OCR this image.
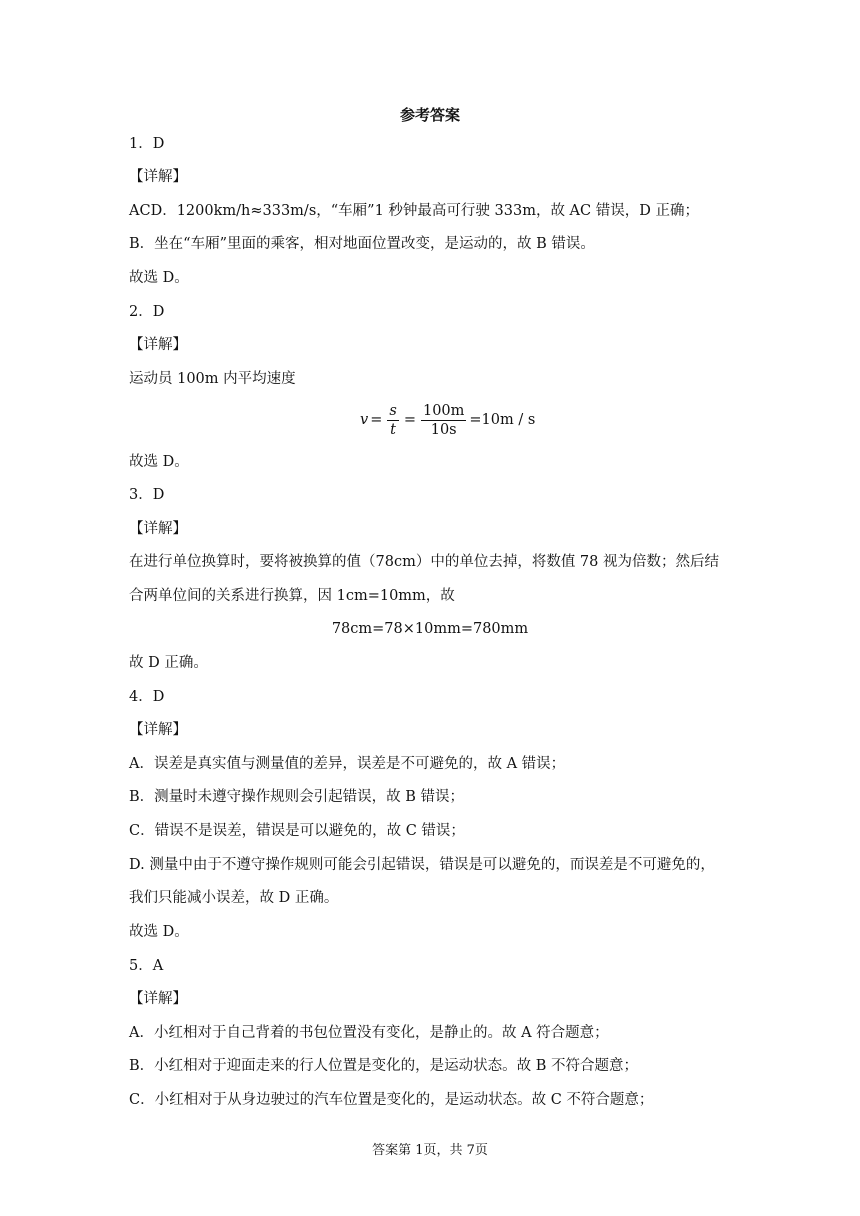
参考答案
1．D
【详解】
ACD．1200km/h≈333m/s，“车厢”1 秒钟最高可行驶 333m，故 AC 错误，D 正确；
B．坐在“车厢”里面的乘客，相对地面位置改变，是运动的，故 B 错误。
故选 D。
2．D
【详解】
运动员 100m 内平均速度
$v = \frac{s}{t} = \frac{100m}{10s} =10m / s$
故选 D。
3．D
【详解】
在进行单位换算时，要将被换算的值（78cm）中的单位去掉，将数值 78 视为倍数；然后结
合两单位间的关系进行换算，因 1cm=10mm，故
78cm=78×10mm=780mm
故 D 正确。
4．D
【详解】
A．误差是真实值与测量值的差异，误差是不可避免的，故 A 错误；
B．测量时未遵守操作规则会引起错误，故 B 错误；
C．错误不是误差，错误是可以避免的，故 C 错误；
D. 测量中由于不遵守操作规则可能会引起错误，错误是可以避免的，而误差是不可避免的，
我们只能减小误差，故 D 正确。
故选 D。
5．A
【详解】
A．小红相对于自己背着的书包位置没有变化，是静止的。故 A 符合题意；
B．小红相对于迎面走来的行人位置是变化的，是运动状态。故 B 不符合题意；
C．小红相对于从身边驶过的汽车位置是变化的，是运动状态。故 C 不符合题意；
答案第 1页，共 7页
